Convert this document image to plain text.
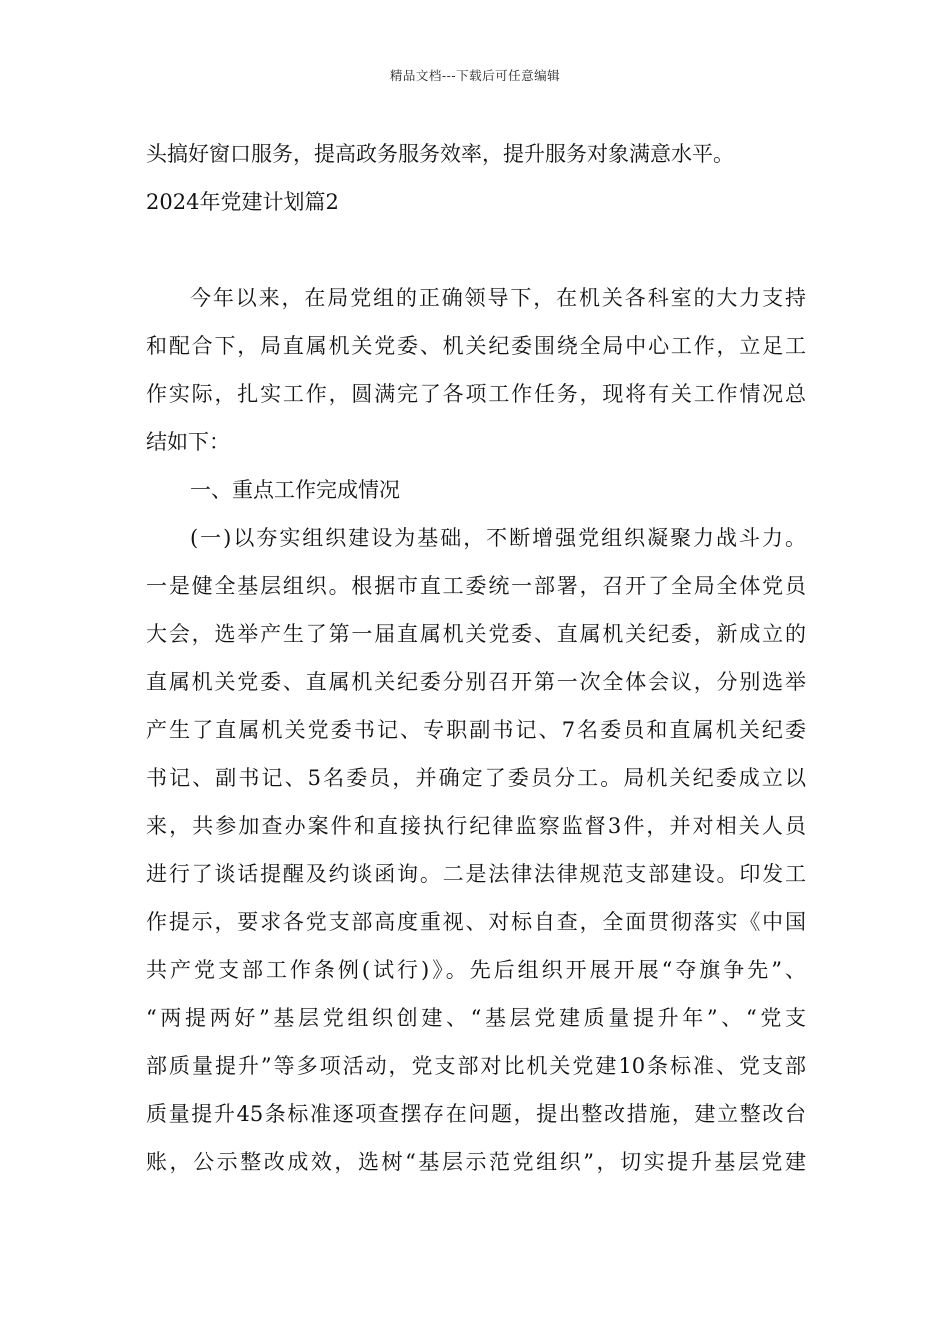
精品文档---下载后可任意编辑
头搞好窗口服务，提高政务服务效率，提升服务对象满意水平。
2024年党建计划篇2
今年以来，在局党组的正确领导下，在机关各科室的大力支持
和配合下，局直属机关党委、机关纪委围绕全局中心工作，立足工
作实际，扎实工作，圆满完了各项工作任务，现将有关工作情况总
结如下：
一、重点工作完成情况
(一)以夯实组织建设为基础，不断增强党组织凝聚力战斗力。
一是健全基层组织。根据市直工委统一部署，召开了全局全体党员
大会，选举产生了第一届直属机关党委、直属机关纪委，新成立的
直属机关党委、直属机关纪委分别召开第一次全体会议，分别选举
产生了直属机关党委书记、专职副书记、7名委员和直属机关纪委
书记、副书记、5名委员，并确定了委员分工。局机关纪委成立以
来，共参加查办案件和直接执行纪律监察监督3件，并对相关人员
进行了谈话提醒及约谈函询。二是法律法律规范支部建设。印发工
作提示，要求各党支部高度重视、对标自查，全面贯彻落实《中国
共产党支部工作条例(试行)》。先后组织开展开展“夺旗争先”、
“两提两好”基层党组织创建、“基层党建质量提升年”、“党支
部质量提升”等多项活动，党支部对比机关党建10条标准、党支部
质量提升45条标准逐项查摆存在问题，提出整改措施，建立整改台
账，公示整改成效，选树“基层示范党组织”，切实提升基层党建
